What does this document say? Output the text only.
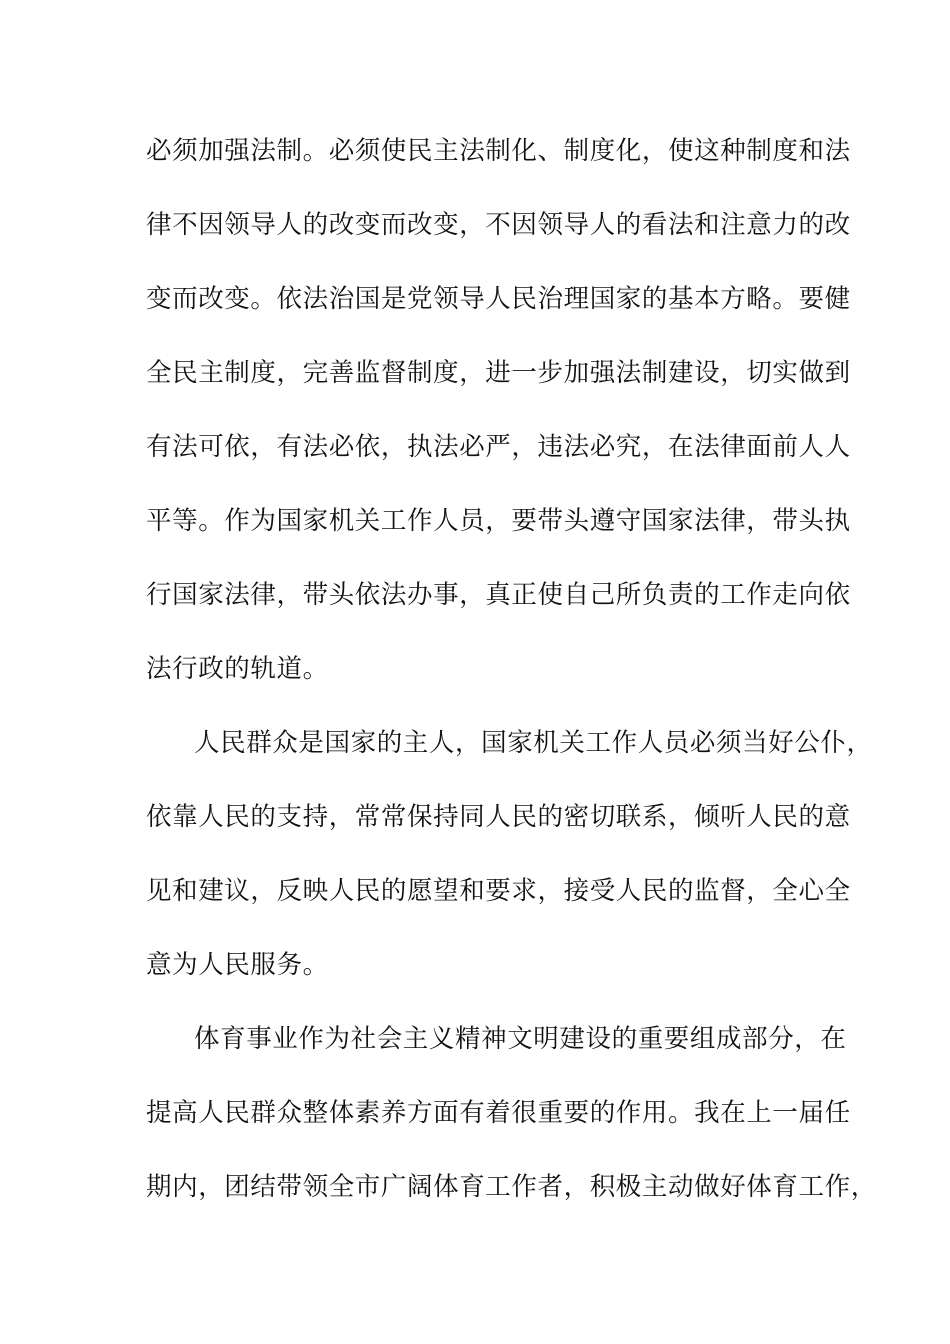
必须加强法制。必须使民主法制化、制度化，使这种制度和法
律不因领导人的改变而改变，不因领导人的看法和注意力的改
变而改变。依法治国是党领导人民治理国家的基本方略。要健
全民主制度，完善监督制度，进一步加强法制建设，切实做到
有法可依，有法必依，执法必严，违法必究，在法律面前人人
平等。作为国家机关工作人员，要带头遵守国家法律，带头执
行国家法律，带头依法办事，真正使自己所负责的工作走向依
法行政的轨道。
人民群众是国家的主人，国家机关工作人员必须当好公仆，
依靠人民的支持，常常保持同人民的密切联系，倾听人民的意
见和建议，反映人民的愿望和要求，接受人民的监督，全心全
意为人民服务。
体育事业作为社会主义精神文明建设的重要组成部分，在
提高人民群众整体素养方面有着很重要的作用。我在上一届任
期内，团结带领全市广阔体育工作者，积极主动做好体育工作，
